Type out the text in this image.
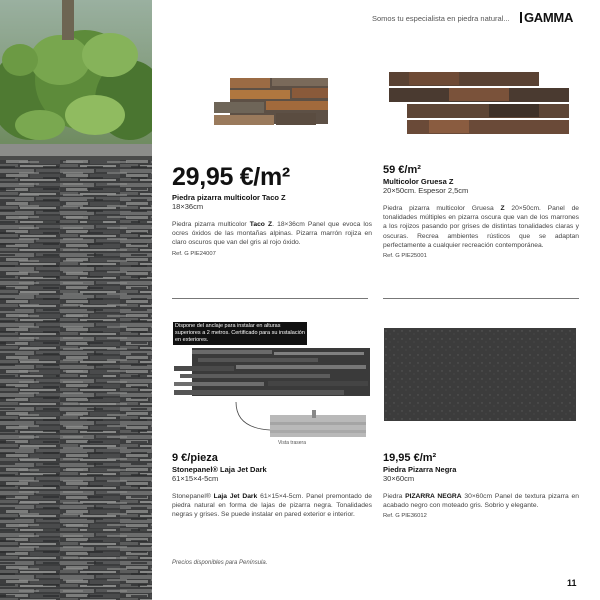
Somos tu especialista en piedra natural... GAMMA
Vista trasera
Dispone del anclaje para instalar en alturas superiores a 2 metros. Certificado para su instalación en exteriores.
29,95 €/m²
Piedra pizarra multicolor Taco Z
18×36cm
Piedra pizarra multicolor Taco Z. 18×36cm Panel que evoca los ocres óxidos de las montañas alpinas. Pizarra marrón rojiza en claro oscuros que van del gris al rojo óxido.
Ref. G PIE24007
59 €/m²
Multicolor Gruesa Z
20×50cm. Espesor 2,5cm
Piedra pizarra multicolor Gruesa Z 20×50cm. Panel de tonalidades múltiples en pizarra oscura que van de los marrones a los rojizos pasando por grises de distintas tonalidades claras y oscuras. Recrea ambientes rústicos que se adaptan perfectamente a cualquier recreación contemporánea.
Ref. G PIE25001
9 €/pieza
Stonepanel® Laja Jet Dark
61×15×4-5cm
Stonepanel® Laja Jet Dark 61×15×4-5cm. Panel premontado de piedra natural en forma de lajas de pizarra negra. Tonalidades negras y grises. Se puede instalar en pared exterior e interior.
19,95 €/m²
Piedra Pizarra Negra
30×60cm
Piedra PIZARRA NEGRA 30×60cm Panel de textura pizarra en acabado negro con moteado gris. Sobrio y elegante.
Ref. G PIE36012
Precios disponibles para Península.
11
